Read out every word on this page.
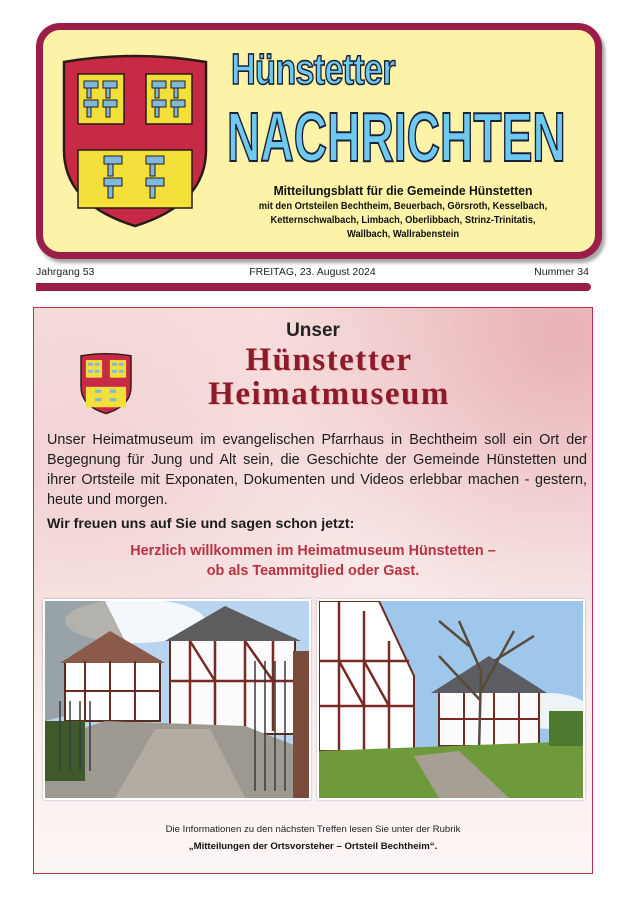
Hünstetter
NACHRICHTEN
Mitteilungsblatt für die Gemeinde Hünstetten
mit den Ortsteilen Bechtheim, Beuerbach, Görsroth, Kesselbach,
Ketternschwalbach, Limbach, Oberlibbach, Strinz-Trinitatis,
Wallbach, Wallrabenstein
Jahrgang 53	FREITAG, 23. August 2024	Nummer 34
Unser
Hünstetter
Heimatmuseum
Unser Heimatmuseum im evangelischen Pfarrhaus in Bechtheim soll ein Ort der Begegnung für Jung und Alt sein, die Geschichte der Gemeinde Hünstetten und ihrer Ortsteile mit Exponaten, Dokumenten und Videos erlebbar machen - gestern, heute und morgen.
Wir freuen uns auf Sie und sagen schon jetzt:
Herzlich willkommen im Heimatmuseum Hünstetten –
ob als Teammitglied oder Gast.
Die Informationen zu den nächsten Treffen lesen Sie unter der Rubrik
„Mitteilungen der Ortsvorsteher – Ortsteil Bechtheim“.
